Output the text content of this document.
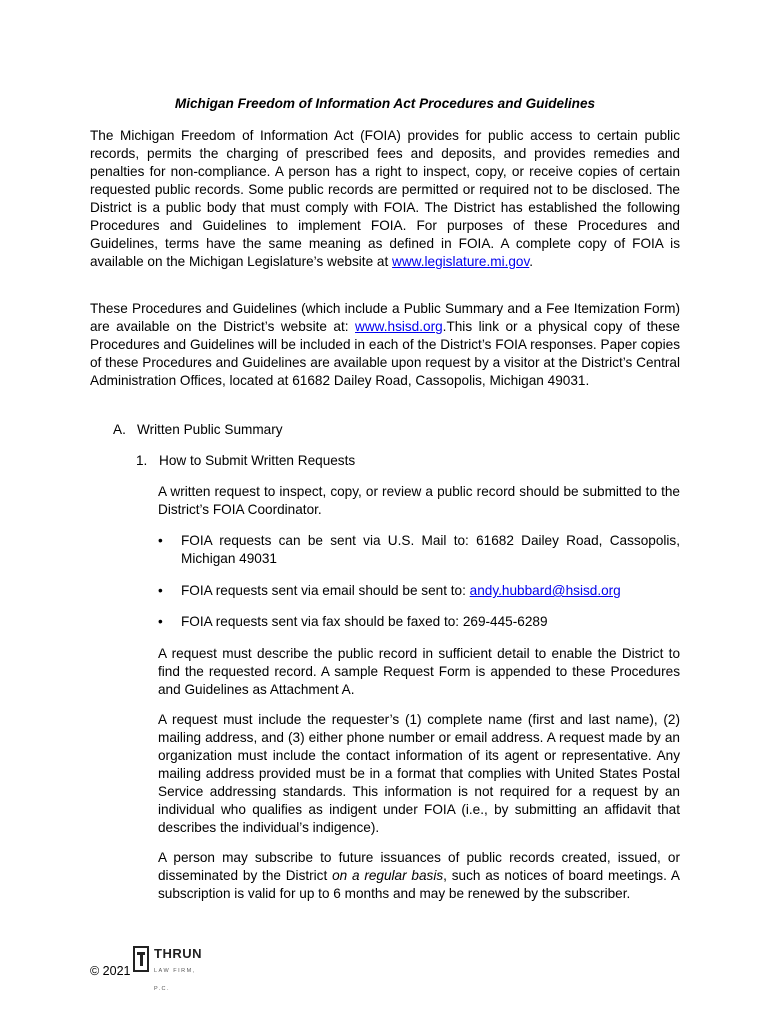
Michigan Freedom of Information Act Procedures and Guidelines

The Michigan Freedom of Information Act (FOIA) provides for public access to certain public records, permits the charging of prescribed fees and deposits, and provides remedies and penalties for non-compliance. A person has a right to inspect, copy, or receive copies of certain requested public records. Some public records are permitted or required not to be disclosed. The District is a public body that must comply with FOIA. The District has established the following Procedures and Guidelines to implement FOIA. For purposes of these Procedures and Guidelines, terms have the same meaning as defined in FOIA. A complete copy of FOIA is available on the Michigan Legislature’s website at www.legislature.mi.gov.

These Procedures and Guidelines (which include a Public Summary and a Fee Itemization Form) are available on the District’s website at: www.hsisd.org.This link or a physical copy of these Procedures and Guidelines will be included in each of the District’s FOIA responses. Paper copies of these Procedures and Guidelines are available upon request by a visitor at the District’s Central Administration Offices, located at 61682 Dailey Road, Cassopolis, Michigan 49031.

A. Written Public Summary
1. How to Submit Written Requests

A written request to inspect, copy, or review a public record should be submitted to the District’s FOIA Coordinator.

• FOIA requests can be sent via U.S. Mail to: 61682 Dailey Road, Cassopolis, Michigan 49031
• FOIA requests sent via email should be sent to: andy.hubbard@hsisd.org
• FOIA requests sent via fax should be faxed to: 269-445-6289

A request must describe the public record in sufficient detail to enable the District to find the requested record. A sample Request Form is appended to these Procedures and Guidelines as Attachment A.

A request must include the requester’s (1) complete name (first and last name), (2) mailing address, and (3) either phone number or email address. A request made by an organization must include the contact information of its agent or representative. Any mailing address provided must be in a format that complies with United States Postal Service addressing standards. This information is not required for a request by an individual who qualifies as indigent under FOIA (i.e., by submitting an affidavit that describes the individual’s indigence).

A person may subscribe to future issuances of public records created, issued, or disseminated by the District on a regular basis, such as notices of board meetings. A subscription is valid for up to 6 months and may be renewed by the subscriber.

© 2021
THRUN
LAW FIRM, P.C.
